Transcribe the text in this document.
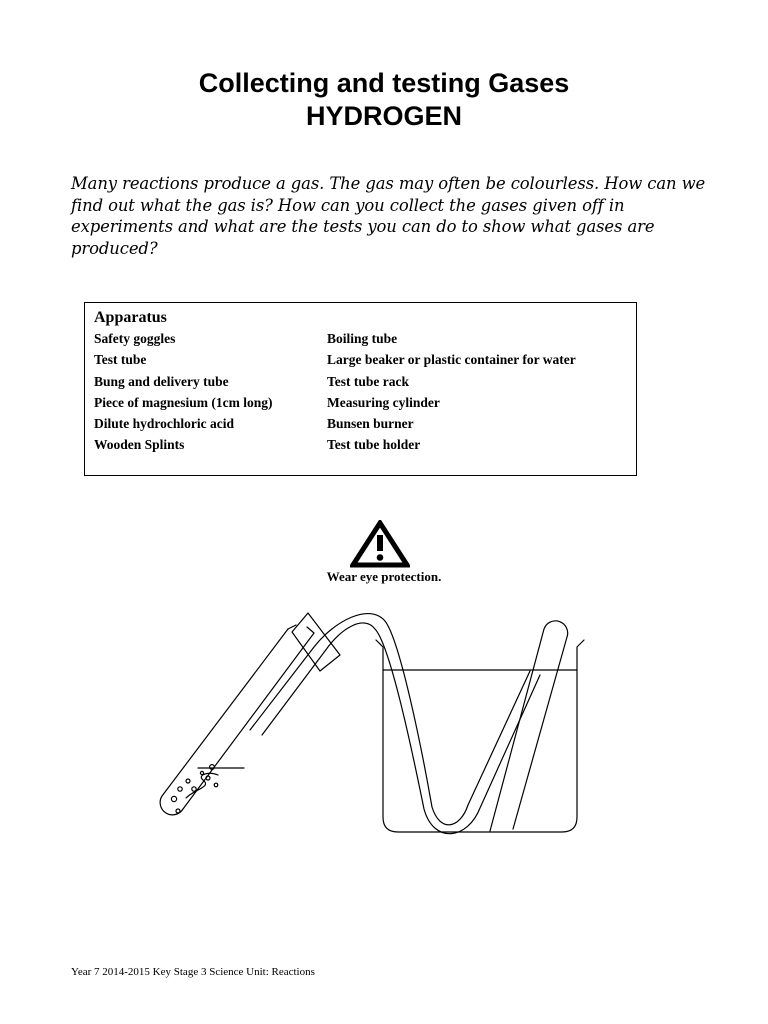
Collecting and testing Gases
HYDROGEN
Many reactions produce a gas. The gas may often be colourless. How can we find out what the gas is? How can you collect the gases given off in experiments and what are the tests you can do to show what gases are produced?
Apparatus
Safety goggles
Test tube
Bung and delivery tube
Piece of magnesium (1cm long)
Dilute hydrochloric acid
Wooden Splints
Boiling tube
Large beaker or plastic container for water
Test tube rack
Measuring cylinder
Bunsen burner
Test tube holder
Wear eye protection.
Year 7 2014-2015 Key Stage 3 Science Unit: Reactions
